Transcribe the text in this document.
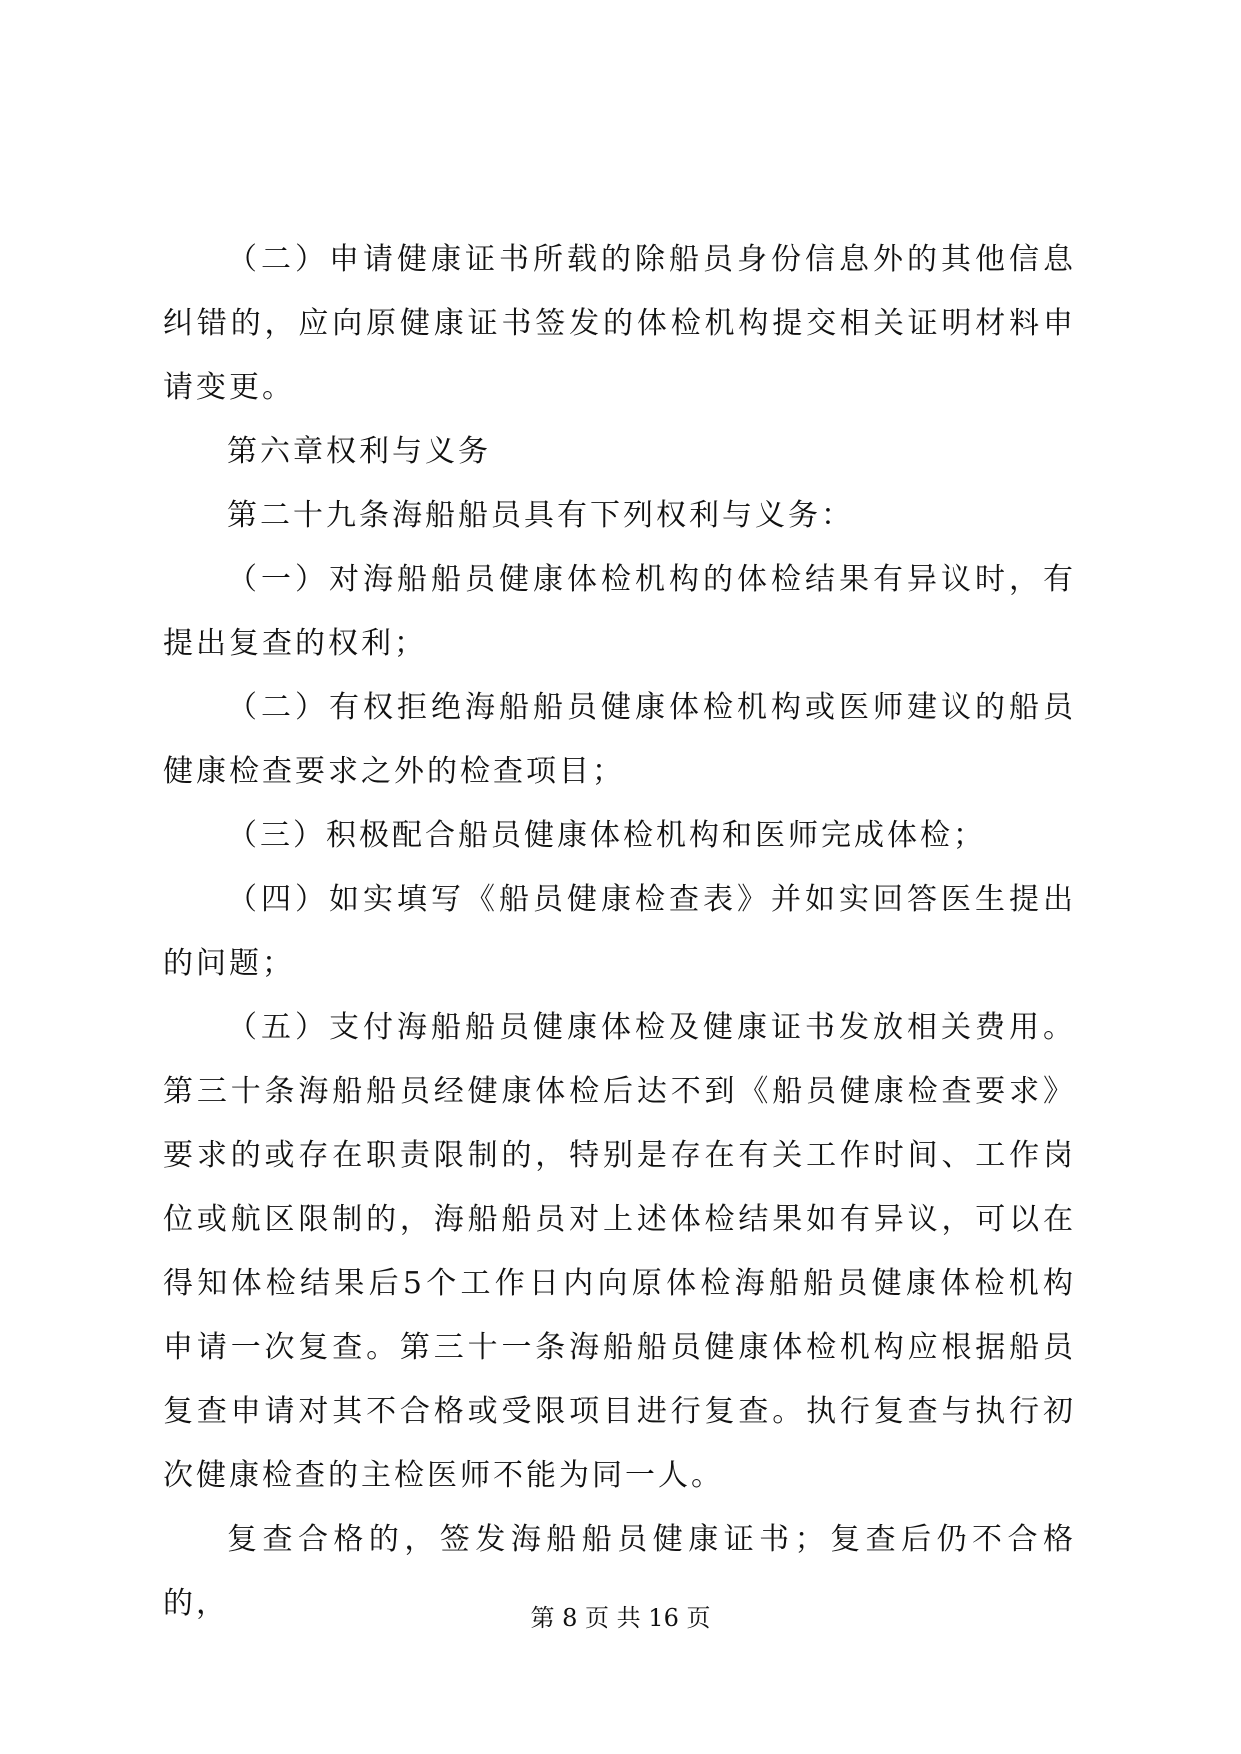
（二）申请健康证书所载的除船员身份信息外的其他信息纠错的，应向原健康证书签发的体检机构提交相关证明材料申请变更。

第六章权利与义务

第二十九条海船船员具有下列权利与义务：

（一）对海船船员健康体检机构的体检结果有异议时，有提出复查的权利；

（二）有权拒绝海船船员健康体检机构或医师建议的船员健康检查要求之外的检查项目；

（三）积极配合船员健康体检机构和医师完成体检；

（四）如实填写《船员健康检查表》并如实回答医生提出的问题；

（五）支付海船船员健康体检及健康证书发放相关费用。第三十条海船船员经健康体检后达不到《船员健康检查要求》要求的或存在职责限制的，特别是存在有关工作时间、工作岗位或航区限制的，海船船员对上述体检结果如有异议，可以在得知体检结果后5个工作日内向原体检海船船员健康体检机构申请一次复查。第三十一条海船船员健康体检机构应根据船员复查申请对其不合格或受限项目进行复查。执行复查与执行初次健康检查的主检医师不能为同一人。

复查合格的，签发海船船员健康证书；复查后仍不合格的，	第 8 页 共 16 页
